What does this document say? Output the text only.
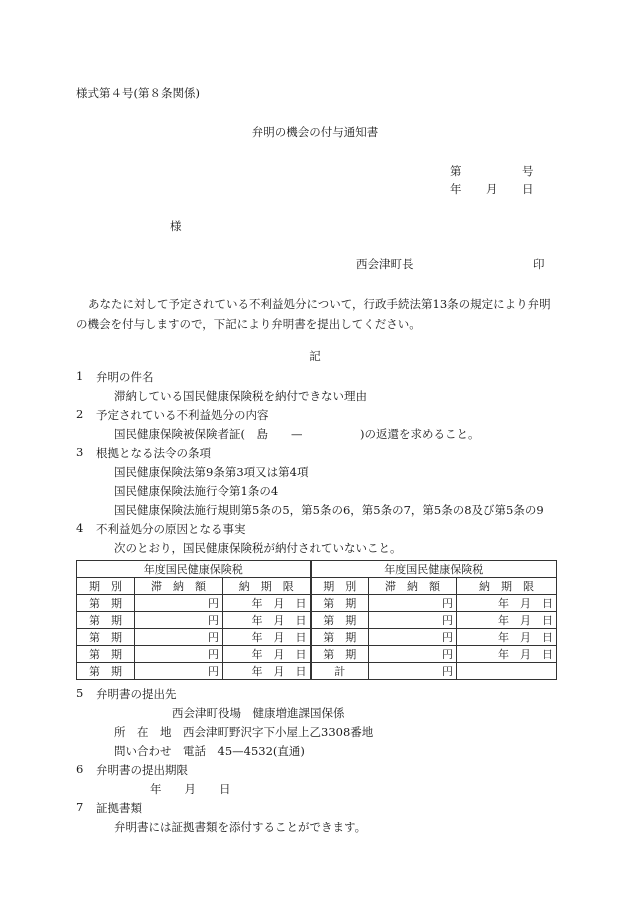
様式第４号(第８条関係)
弁明の機会の付与通知書
第	号
年 月 日
様
西会津町長	印
あなたに対して予定されている不利益処分について，行政手続法第13条の規定により弁明の機会を付与しますので，下記により弁明書を提出してください。
記
1 弁明の件名
滞納している国民健康保険税を納付できない理由
2 予定されている不利益処分の内容
国民健康保険被保険者証(　島　　—　　　　　)の返還を求めること。
3 根拠となる法令の条項
国民健康保険法第9条第3項又は第4項
国民健康保険法施行令第1条の4
国民健康保険法施行規則第5条の5，第5条の6，第5条の7，第5条の8及び第5条の9
4 不利益処分の原因となる事実
次のとおり，国民健康保険税が納付されていないこと。
年度国民健康保険税			年度国民健康保険税		
期　別	滞　納　額	納　期　限	期　別	滞　納　額	納　期　限
第　期	円	年　月　日	第　期	円	年　月　日
第　期	円	年　月　日	第　期	円	年　月　日
第　期	円	年　月　日	第　期	円	年　月　日
第　期	円	年　月　日	第　期	円	年　月　日
第　期	円	年　月　日	計	円	
5 弁明書の提出先
西会津町役場　健康増進課国保係
所　在　地　西会津町野沢字下小屋上乙3308番地
問い合わせ　電話　45—4532(直通)
6 弁明書の提出期限
年　　月　　日
7 証拠書類
弁明書には証拠書類を添付することができます。
